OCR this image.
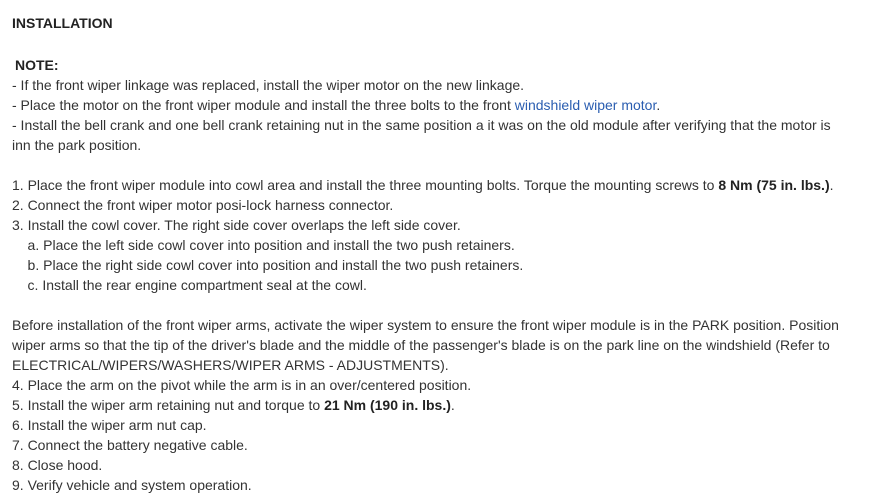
INSTALLATION
NOTE:
- If the front wiper linkage was replaced, install the wiper motor on the new linkage.
- Place the motor on the front wiper module and install the three bolts to the front windshield wiper motor.
- Install the bell crank and one bell crank retaining nut in the same position a it was on the old module after verifying that the motor is
inn the park position.
1. Place the front wiper module into cowl area and install the three mounting bolts. Torque the mounting screws to 8 Nm (75 in. lbs.).
2. Connect the front wiper motor posi-lock harness connector.
3. Install the cowl cover. The right side cover overlaps the left side cover.
a. Place the left side cowl cover into position and install the two push retainers.
b. Place the right side cowl cover into position and install the two push retainers.
c. Install the rear engine compartment seal at the cowl.
Before installation of the front wiper arms, activate the wiper system to ensure the front wiper module is in the PARK position. Position
wiper arms so that the tip of the driver's blade and the middle of the passenger's blade is on the park line on the windshield (Refer to
ELECTRICAL/WIPERS/WASHERS/WIPER ARMS - ADJUSTMENTS).
4. Place the arm on the pivot while the arm is in an over/centered position.
5. Install the wiper arm retaining nut and torque to 21 Nm (190 in. lbs.).
6. Install the wiper arm nut cap.
7. Connect the battery negative cable.
8. Close hood.
9. Verify vehicle and system operation.
